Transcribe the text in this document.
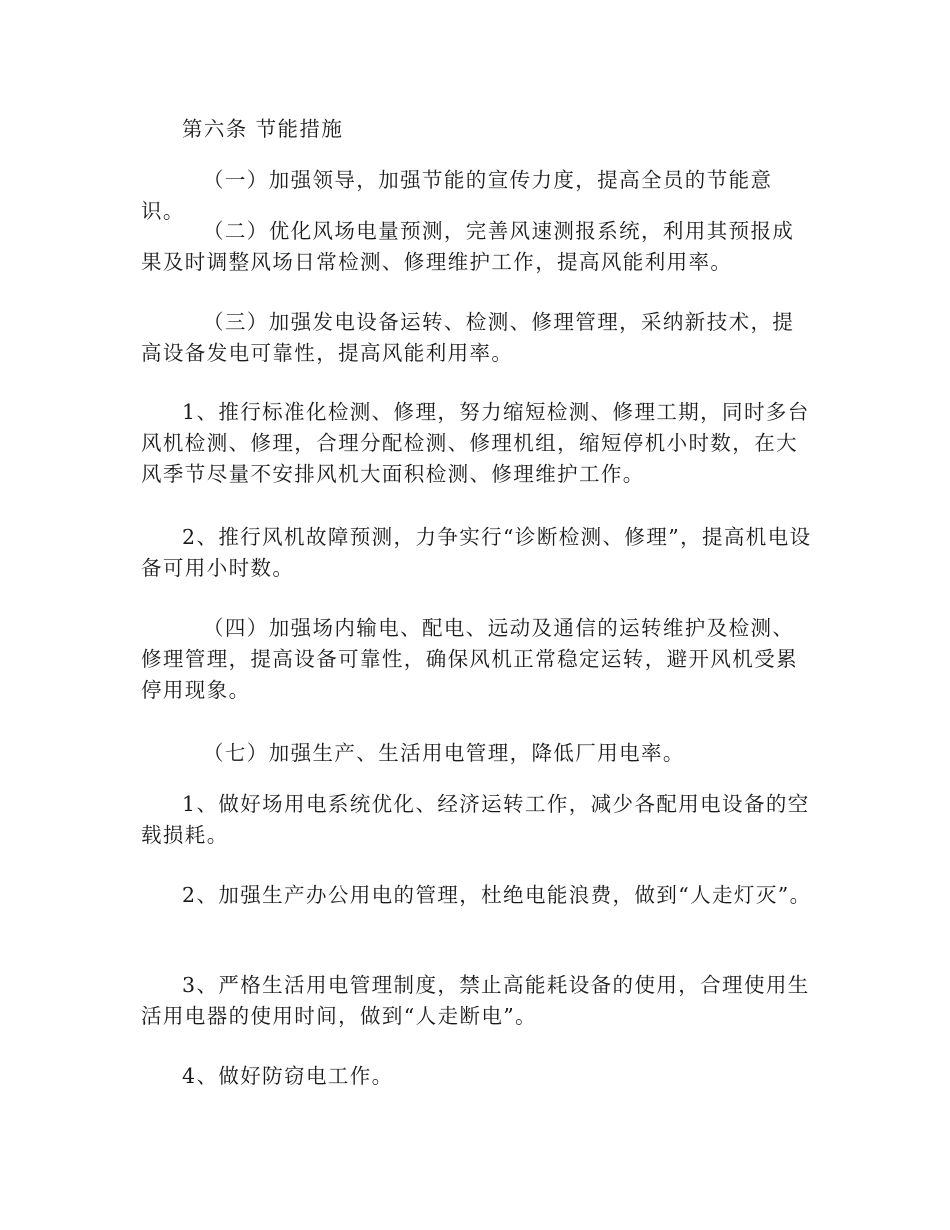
第六条 节能措施

（一）加强领导，加强节能的宣传力度，提高全员的节能意识。

（二）优化风场电量预测，完善风速测报系统，利用其预报成果及时调整风场日常检测、修理维护工作，提高风能利用率。

（三）加强发电设备运转、检测、修理管理，采纳新技术，提高设备发电可靠性，提高风能利用率。

1、推行标准化检测、修理，努力缩短检测、修理工期，同时多台风机检测、修理，合理分配检测、修理机组，缩短停机小时数，在大风季节尽量不安排风机大面积检测、修理维护工作。

2、推行风机故障预测，力争实行“诊断检测、修理”，提高机电设备可用小时数。

（四）加强场内输电、配电、远动及通信的运转维护及检测、修理管理，提高设备可靠性，确保风机正常稳定运转，避开风机受累停用现象。

（七）加强生产、生活用电管理，降低厂用电率。

1、做好场用电系统优化、经济运转工作，减少各配用电设备的空载损耗。

2、加强生产办公用电的管理，杜绝电能浪费，做到“人走灯灭”。

3、严格生活用电管理制度，禁止高能耗设备的使用，合理使用生活用电器的使用时间，做到“人走断电”。

4、做好防窃电工作。
